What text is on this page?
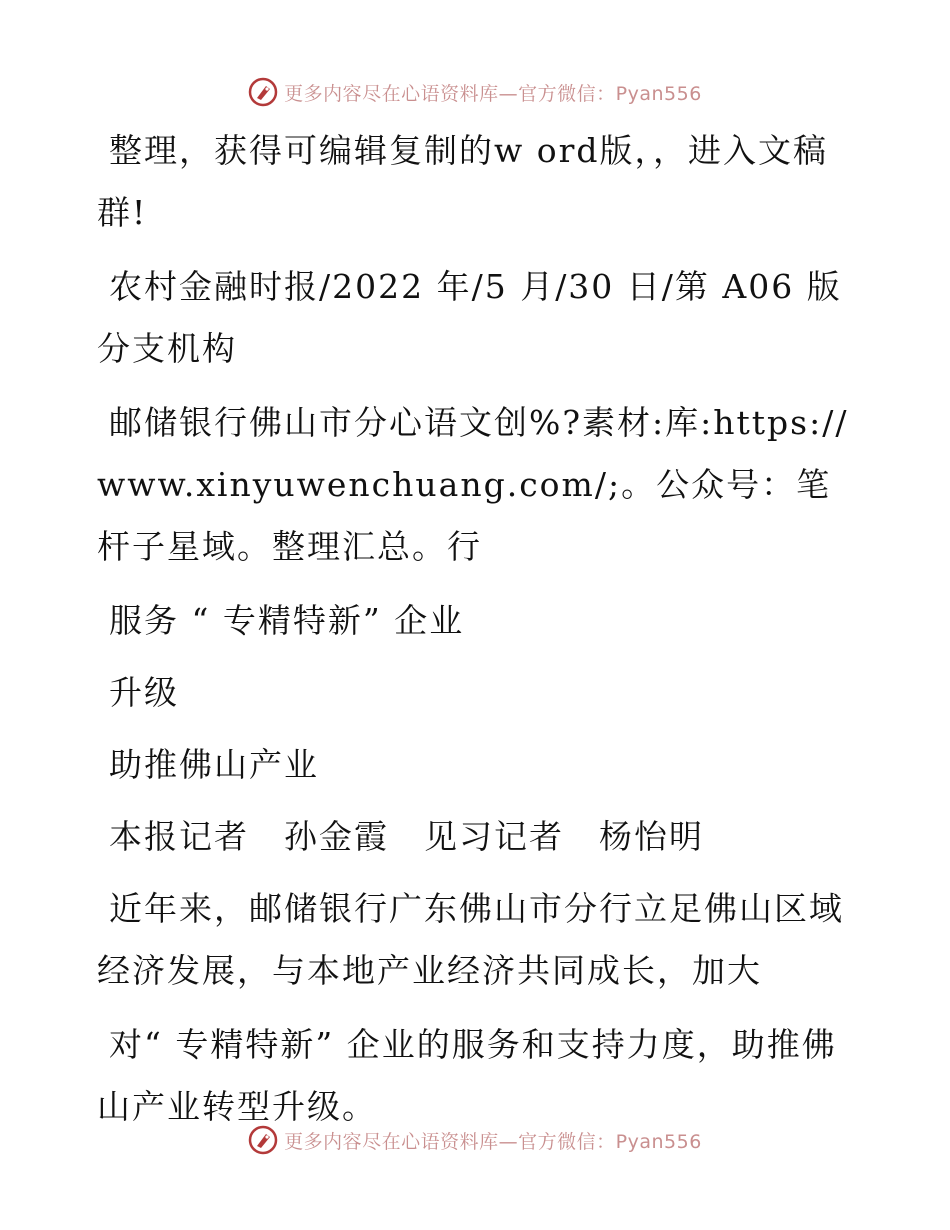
更多内容尽在心语资料库—官方微信：Pyan556

整理，获得可编辑复制的w ord版，，进入文稿群!

农村金融时报/2022 年/5 月/30 日/第 A06 版分支机构

邮储银行佛山市分心语文创%?素材:库:https://www.xinyuwenchuang.com/;。公众号：笔杆子星域。整理汇总。行

服务 “ 专精特新” 企业

升级

助推佛山产业

本报记者　孙金霞　见习记者　杨怡明

近年来，邮储银行广东佛山市分行立足佛山区域经济发展，与本地产业经济共同成长，加大

对“ 专精特新” 企业的服务和支持力度，助推佛山产业转型升级。

更多内容尽在心语资料库—官方微信：Pyan556
